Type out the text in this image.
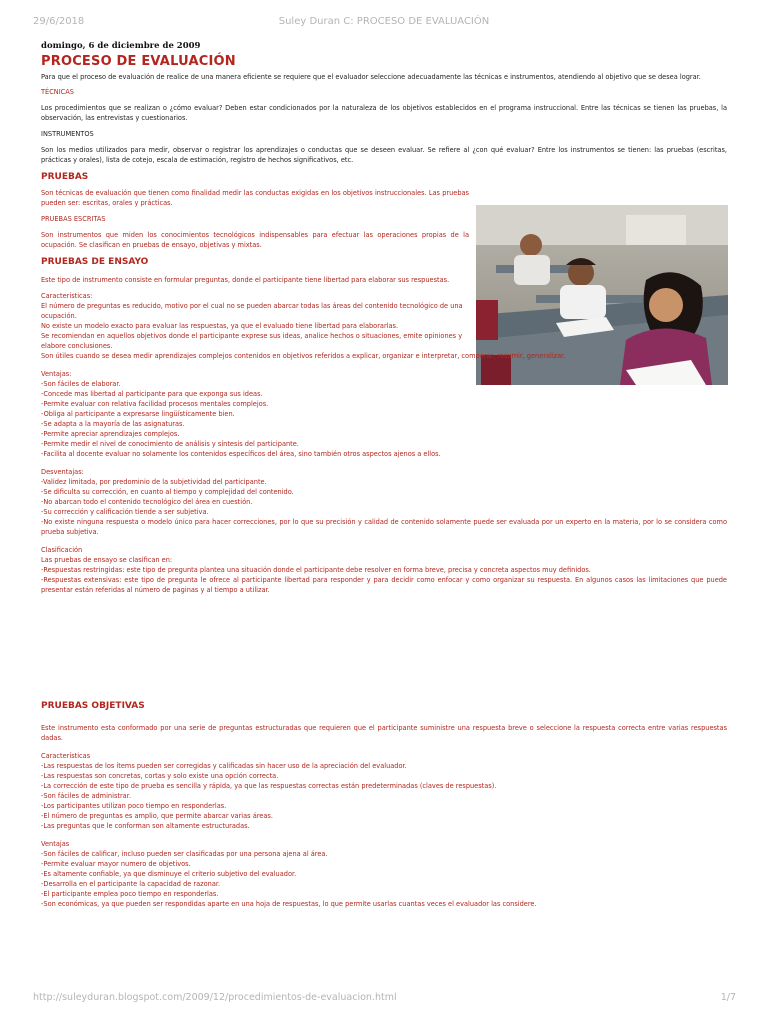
29/6/2018	Suley Duran C: PROCESO DE EVALUACIÓN

domingo, 6 de diciembre de 2009

PROCESO DE EVALUACIÓN

Para que el proceso de evaluación de realice de una manera eficiente se requiere que el evaluador seleccione adecuadamente las técnicas e instrumentos, atendiendo al objetivo que se desea lograr.

TÉCNICAS

Los procedimientos que se realizan o ¿cómo evaluar? Deben estar condicionados por la naturaleza de los objetivos establecidos en el programa instruccional. Entre las técnicas se tienen las pruebas, la observación, las entrevistas y cuestionarios.

INSTRUMENTOS

Son los medios utilizados para medir, observar o registrar los aprendizajes o conductas que se deseen evaluar. Se refiere al ¿con qué evaluar? Entre los instrumentos se tienen: las pruebas (escritas, prácticas y orales), lista de cotejo, escala de estimación, registro de hechos significativos, etc.

PRUEBAS

Son técnicas de evaluación que tienen como finalidad medir las conductas exigidas en los objetivos instruccionales. Las pruebas pueden ser: escritas, orales y prácticas.

PRUEBAS ESCRITAS

Son instrumentos que miden los conocimientos tecnológicos indispensables para efectuar las operaciones propias de la ocupación. Se clasifican en pruebas de ensayo, objetivas y mixtas.

PRUEBAS DE ENSAYO

Este tipo de instrumento consiste en formular preguntas, donde el participante tiene libertad para elaborar sus respuestas.

Características:

El número de preguntas es reducido, motivo por el cual no se pueden abarcar todas las áreas del contenido tecnológico de una ocupación.

No existe un modelo exacto para evaluar las respuestas, ya que el evaluado tiene libertad para elaborarlas.

Se recomiendan en aquellos objetivos donde el participante exprese sus ideas, analice hechos o situaciones, emite opiniones y elabore conclusiones.

Son útiles cuando se desea medir aprendizajes complejos contenidos en objetivos referidos a explicar, organizar e interpretar, comparar, resumir, generalizar.

Ventajas:

-Son fáciles de elaborar.

-Concede mas libertad al participante para que exponga sus ideas.

-Permite evaluar con relativa facilidad procesos mentales complejos.

-Obliga al participante a expresarse lingüísticamente bien.

-Se adapta a la mayoría de las asignaturas.

-Permite apreciar aprendizajes complejos.

-Permite medir el nivel de conocimiento de análisis y síntesis del participante.

-Facilita al docente evaluar no solamente los contenidos específicos del área, sino también otros aspectos ajenos a ellos.

Desventajas:

-Validez limitada, por predominio de la subjetividad del participante.

-Se dificulta su corrección, en cuanto al tiempo y complejidad del contenido.

-No abarcan todo el contenido tecnológico del área en cuestión.

-Su corrección y calificación tiende a ser subjetiva.

-No existe ninguna respuesta o modelo único para hacer correcciones, por lo que su precisión y calidad de contenido solamente puede ser evaluada por un experto en la materia, por lo se considera como prueba subjetiva.

Clasificación

Las pruebas de ensayo se clasifican en:

-Respuestas restringidas: este tipo de pregunta plantea una situación donde el participante debe resolver en forma breve, precisa y concreta aspectos muy definidos.

-Respuestas extensivas: este tipo de pregunta le ofrece al participante libertad para responder y para decidir como enfocar y como organizar su respuesta. En algunos casos las limitaciones que puede presentar están referidas al número de paginas y al tiempo a utilizar.

PRUEBAS OBJETIVAS

Este instrumento esta conformado por una serie de preguntas estructuradas que requieren que el participante suministre una respuesta breve o seleccione la respuesta correcta entre varias respuestas dadas.

Características

-Las respuestas de los ítems pueden ser corregidas y calificadas sin hacer uso de la apreciación del evaluador.

-Las respuestas son concretas, cortas y solo existe una opción correcta.

-La corrección de este tipo de prueba es sencilla y rápida, ya que las respuestas correctas están predeterminadas (claves de respuestas).

-Son fáciles de administrar.

-Los participantes utilizan poco tiempo en responderlas.

-El número de preguntas es amplio, que permite abarcar varias áreas.

-Las preguntas que le conforman son altamente estructuradas.

Ventajas

-Son fáciles de calificar, incluso pueden ser clasificadas por una persona ajena al área.

-Permite evaluar mayor numero de objetivos.

-Es altamente confiable, ya que disminuye el criterio subjetivo del evaluador.

-Desarrolla en el participante la capacidad de razonar.

-El participante emplea poco tiempo en responderlas.

-Son económicas, ya que pueden ser respondidas aparte en una hoja de respuestas, lo que permite usarlas cuantas veces el evaluador las considere.

http://suleyduran.blogspot.com/2009/12/procedimientos-de-evaluacion.html	1/7
